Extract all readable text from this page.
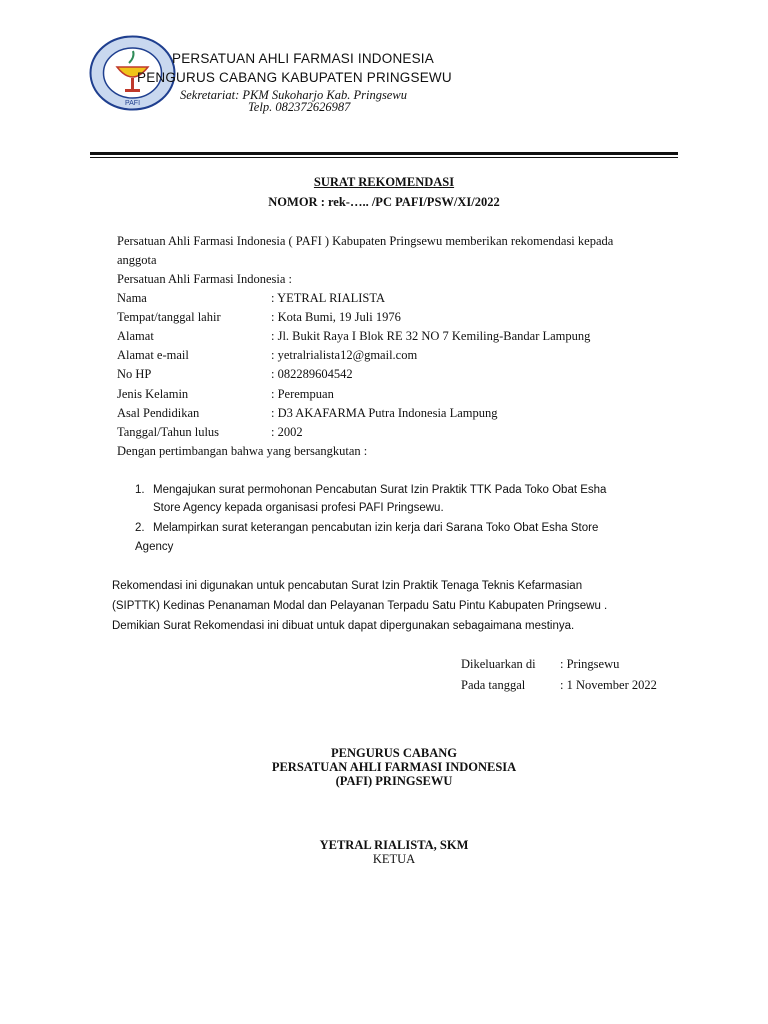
PAFI
PERSATUAN AHLI FARMASI INDONESIA
PENGURUS CABANG KABUPATEN PRINGSEWU
Sekretariat: PKM Sukoharjo Kab. Pringsewu
Telp. 082372626987
SURAT REKOMENDASI
NOMOR : rek-….. /PC PAFI/PSW/XI/2022
Persatuan Ahli Farmasi Indonesia ( PAFI ) Kabupaten Pringsewu memberikan rekomendasi kepada
anggota
Persatuan Ahli Farmasi Indonesia :
Nama	: YETRAL RIALISTA
Tempat/tanggal lahir	: Kota Bumi, 19 Juli 1976
Alamat	: Jl. Bukit Raya I Blok RE 32 NO 7 Kemiling-Bandar Lampung
Alamat e-mail	: yetralrialista12@gmail.com
No HP	: 082289604542
Jenis Kelamin	: Perempuan
Asal Pendidikan	: D3 AKAFARMA Putra Indonesia Lampung
Tanggal/Tahun lulus	: 2002
Dengan pertimbangan bahwa yang bersangkutan :
1. Mengajukan surat permohonan Pencabutan Surat Izin Praktik TTK Pada Toko Obat Esha
Store Agency kepada organisasi profesi PAFI Pringsewu.
2. Melampirkan surat keterangan pencabutan izin kerja dari Sarana Toko Obat Esha Store
Agency
Rekomendasi ini digunakan untuk pencabutan Surat Izin Praktik Tenaga Teknis Kefarmasian
(SIPTTK) Kedinas Penanaman Modal dan Pelayanan Terpadu Satu Pintu Kabupaten Pringsewu .
Demikian Surat Rekomendasi ini dibuat untuk dapat dipergunakan sebagaimana mestinya.
Dikeluarkan di : Pringsewu
Pada tanggal	: 1 November 2022
PENGURUS CABANG
PERSATUAN AHLI FARMASI INDONESIA
(PAFI) PRINGSEWU
YETRAL RIALISTA, SKM
KETUA
